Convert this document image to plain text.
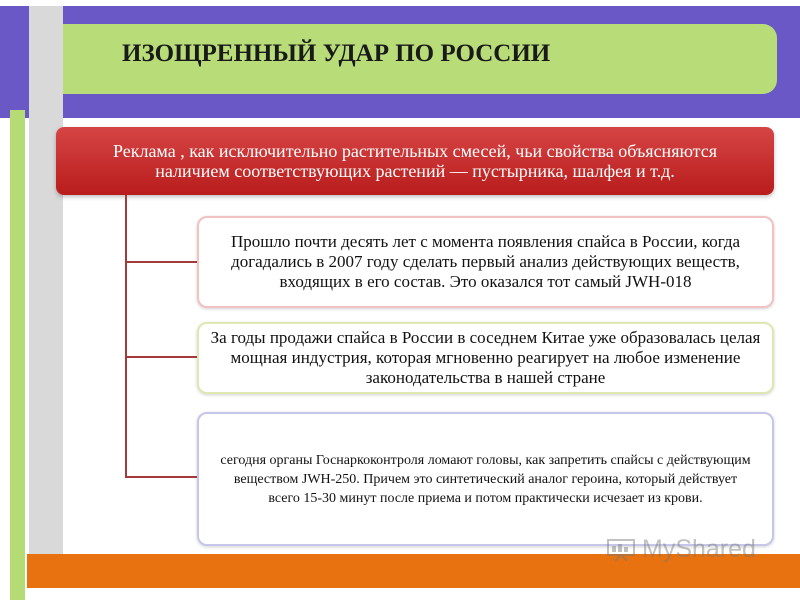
ИЗОЩРЕННЫЙ УДАР ПО РОССИИ
Реклама , как исключительно растительных смесей, чьи свойства объясняются наличием соответствующих растений — пустырника, шалфея и т.д.
Прошло почти десять лет с момента появления спайса в России, когда догадались в 2007 году сделать первый анализ действующих веществ, входящих в его состав. Это оказался тот самый JWH-018
За годы продажи спайса в России в соседнем Китае уже образовалась целая мощная индустрия, которая мгновенно реагирует на любое изменение законодательства в нашей стране
сегодня органы Госнаркоконтроля ломают головы, как запретить спайсы с действующим веществом JWH-250. Причем это синтетический аналог героина, который действует всего 15-30 минут после приема и потом практически исчезает из крови.
MyShared
